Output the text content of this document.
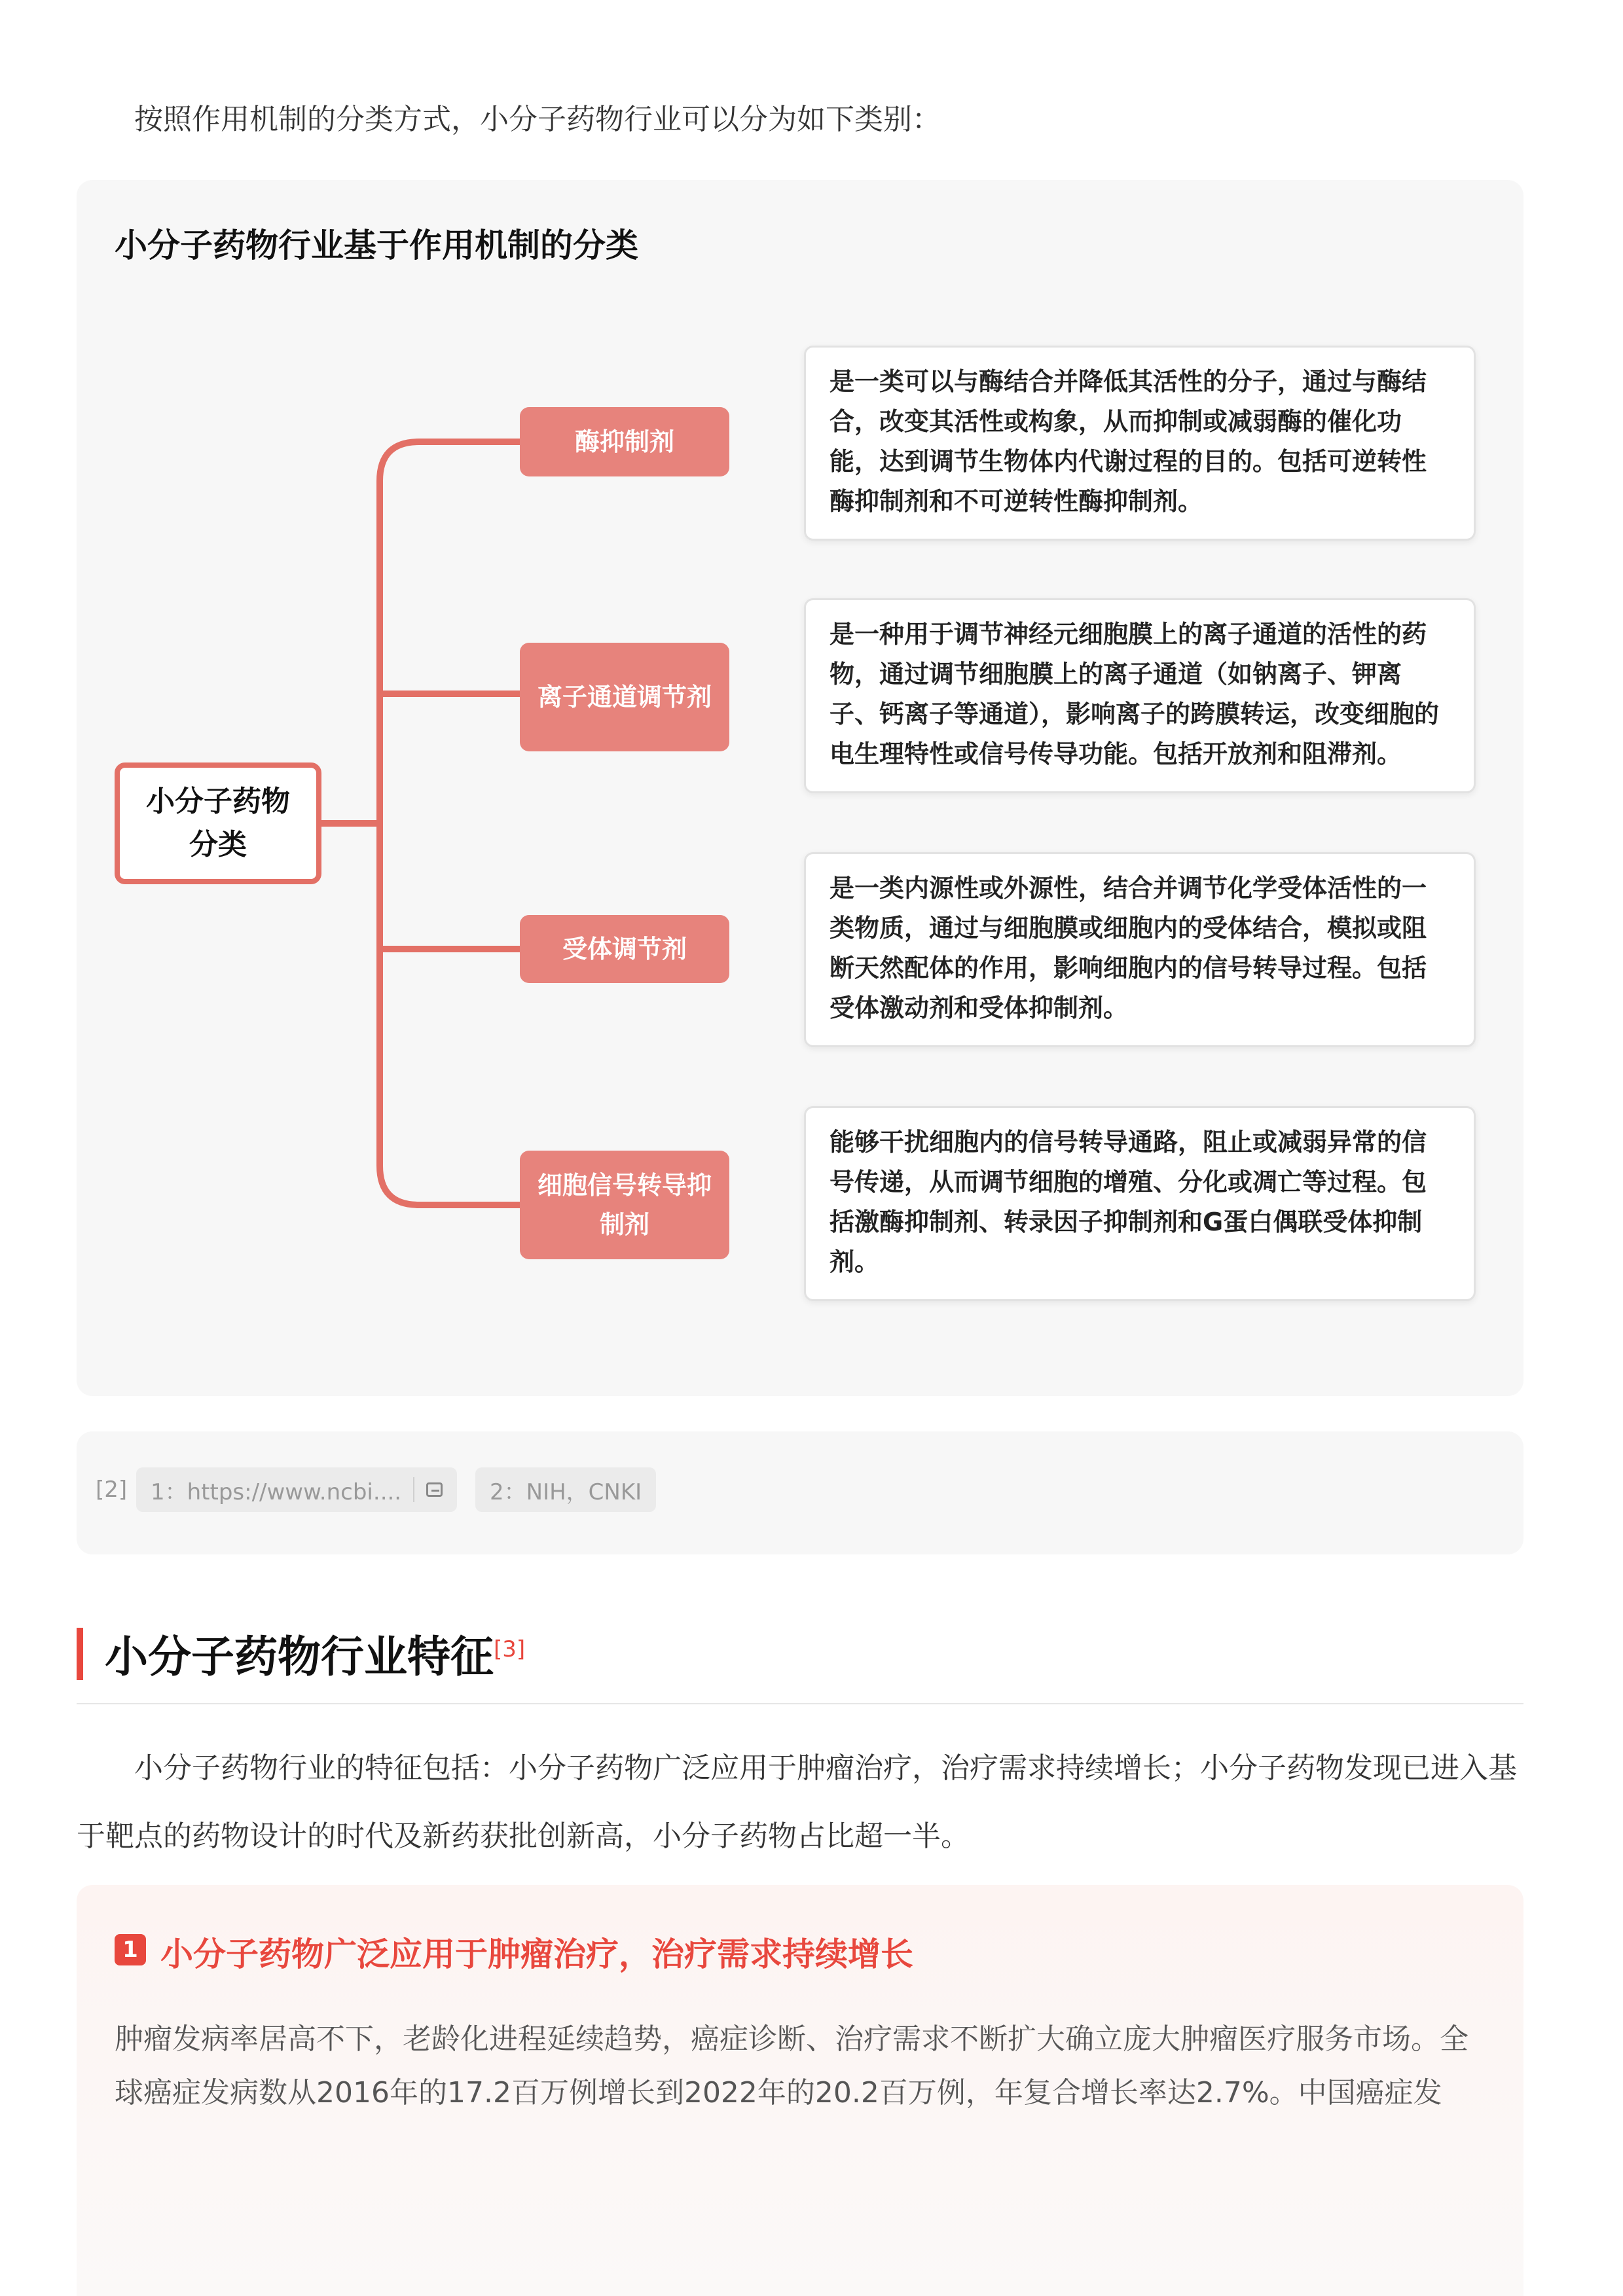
按照作用机制的分类方式，小分子药物行业可以分为如下类别：
小分子药物行业基于作用机制的分类
小分子药物分类
酶抑制剂
离子通道调节剂
受体调节剂
细胞信号转导抑制剂
是一类可以与酶结合并降低其活性的分子，通过与酶结合，改变其活性或构象，从而抑制或减弱酶的催化功能，达到调节生物体内代谢过程的目的。包括可逆转性酶抑制剂和不可逆转性酶抑制剂。
是一种用于调节神经元细胞膜上的离子通道的活性的药物，通过调节细胞膜上的离子通道（如钠离子、钾离子、钙离子等通道），影响离子的跨膜转运，改变细胞的电生理特性或信号传导功能。包括开放剂和阻滞剂。
是一类内源性或外源性，结合并调节化学受体活性的一类物质，通过与细胞膜或细胞内的受体结合，模拟或阻断天然配体的作用，影响细胞内的信号转导过程。包括受体激动剂和受体抑制剂。
能够干扰细胞内的信号转导通路，阻止或减弱异常的信号传递，从而调节细胞的增殖、分化或凋亡等过程。包括激酶抑制剂、转录因子抑制剂和G蛋白偶联受体抑制剂。
[2] 1：https://www.ncbi....	2：NIH，CNKI
小分子药物行业特征[3]
小分子药物行业的特征包括：小分子药物广泛应用于肿瘤治疗，治疗需求持续增长；小分子药物发现已进入基于靶点的药物设计的时代及新药获批创新高，小分子药物占比超一半。
1 小分子药物广泛应用于肿瘤治疗，治疗需求持续增长
肿瘤发病率居高不下，老龄化进程延续趋势，癌症诊断、治疗需求不断扩大确立庞大肿瘤医疗服务市场。全球癌症发病数从2016年的17.2百万例增长到2022年的20.2百万例，年复合增长率达2.7%。中国癌症发
